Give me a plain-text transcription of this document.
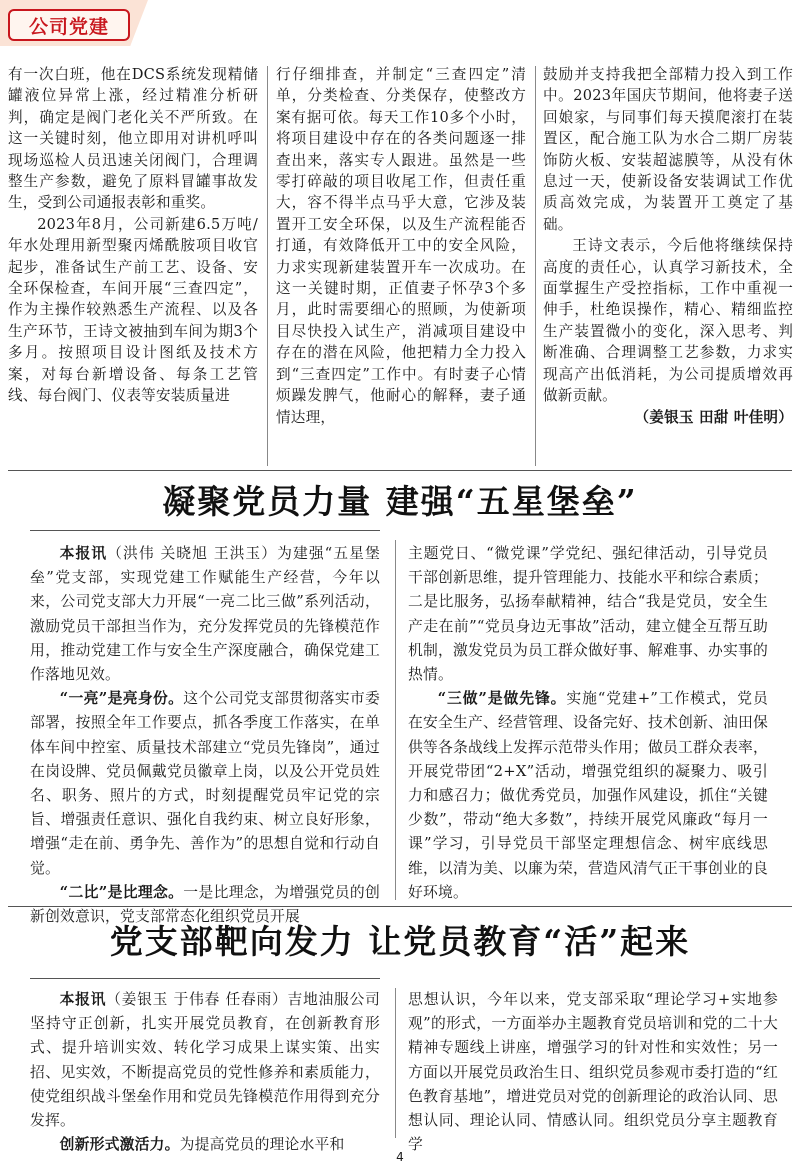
公司党建

有一次白班，他在DCS系统发现精储罐液位异常上涨，经过精准分析研判，确定是阀门老化关不严所致。在这一关键时刻，他立即用对讲机呼叫现场巡检人员迅速关闭阀门，合理调整生产参数，避免了原料冒罐事故发生，受到公司通报表彰和重奖。

2023年8月，公司新建6.5万吨/年水处理用新型聚丙烯酰胺项目收官起步，准备试生产前工艺、设备、安全环保检查，车间开展“三查四定”，作为主操作较熟悉生产流程、以及各生产环节，王诗文被抽到车间为期3个多月。按照项目设计图纸及技术方案，对每台新增设备、每条工艺管线、每台阀门、仪表等安装质量进

行仔细排查，并制定“三查四定”清单，分类检查、分类保存，使整改方案有据可依。每天工作10多个小时，将项目建设中存在的各类问题逐一排查出来，落实专人跟进。虽然是一些零打碎敲的项目收尾工作，但责任重大，容不得半点马乎大意，它涉及装置开工安全环保，以及生产流程能否打通，有效降低开工中的安全风险，力求实现新建装置开车一次成功。在这一关键时期，正值妻子怀孕3个多月，此时需要细心的照顾，为使新项目尽快投入试生产，消减项目建设中存在的潜在风险，他把精力全力投入到“三查四定”工作中。有时妻子心情烦躁发脾气，他耐心的解释，妻子通情达理，

鼓励并支持我把全部精力投入到工作中。2023年国庆节期间，他将妻子送回娘家，与同事们每天摸爬滚打在装置区，配合施工队为水合二期厂房装饰防火板、安装超滤膜等，从没有休息过一天，使新设备安装调试工作优质高效完成，为装置开工奠定了基础。

王诗文表示，今后他将继续保持高度的责任心，认真学习新技术，全面掌握生产受控指标，工作中重视一伸手，杜绝误操作，精心、精细监控生产装置微小的变化，深入思考、判断准确、合理调整工艺参数，力求实现高产出低消耗，为公司提质增效再做新贡献。

（姜银玉 田甜 叶佳明）

凝聚党员力量 建强“五星堡垒”

本报讯（洪伟 关晓旭 王洪玉）为建强“五星堡垒”党支部，实现党建工作赋能生产经营，今年以来，公司党支部大力开展“一亮二比三做”系列活动，激励党员干部担当作为，充分发挥党员的先锋模范作用，推动党建工作与安全生产深度融合，确保党建工作落地见效。

“一亮”是亮身份。这个公司党支部贯彻落实市委部署，按照全年工作要点，抓各季度工作落实，在单体车间中控室、质量技术部建立“党员先锋岗”，通过在岗设牌、党员佩戴党员徽章上岗，以及公开党员姓名、职务、照片的方式，时刻提醒党员牢记党的宗旨、增强责任意识、强化自我约束、树立良好形象，增强“走在前、勇争先、善作为”的思想自觉和行动自觉。

“二比”是比理念。一是比理念，为增强党员的创新创效意识，党支部常态化组织党员开展

主题党日、“微党课”学党纪、强纪律活动，引导党员干部创新思维，提升管理能力、技能水平和综合素质；二是比服务，弘扬奉献精神，结合“我是党员，安全生产走在前”“党员身边无事故”活动，建立健全互帮互助机制，激发党员为员工群众做好事、解难事、办实事的热情。

“三做”是做先锋。实施“党建+”工作模式，党员在安全生产、经营管理、设备完好、技术创新、油田保供等各条战线上发挥示范带头作用；做员工群众表率，开展党带团“2+X”活动，增强党组织的凝聚力、吸引力和感召力；做优秀党员，加强作风建设，抓住“关键少数”，带动“绝大多数”，持续开展党风廉政“每月一课”学习，引导党员干部坚定理想信念、树牢底线思维，以清为美、以廉为荣，营造风清气正干事创业的良好环境。

党支部靶向发力 让党员教育“活”起来

本报讯（姜银玉 于伟春 任春雨）吉地油服公司坚持守正创新，扎实开展党员教育，在创新教育形式、提升培训实效、转化学习成果上谋实策、出实招、见实效，不断提高党员的党性修养和素质能力，使党组织战斗堡垒作用和党员先锋模范作用得到充分发挥。

创新形式激活力。为提高党员的理论水平和

思想认识，今年以来，党支部采取“理论学习+实地参观”的形式，一方面举办主题教育党员培训和党的二十大精神专题线上讲座，增强学习的针对性和实效性；另一方面以开展党员政治生日、组织党员参观市委打造的“红色教育基地”，增进党员对党的创新理论的政治认同、思想认同、理论认同、情感认同。组织党员分享主题教育学

4
